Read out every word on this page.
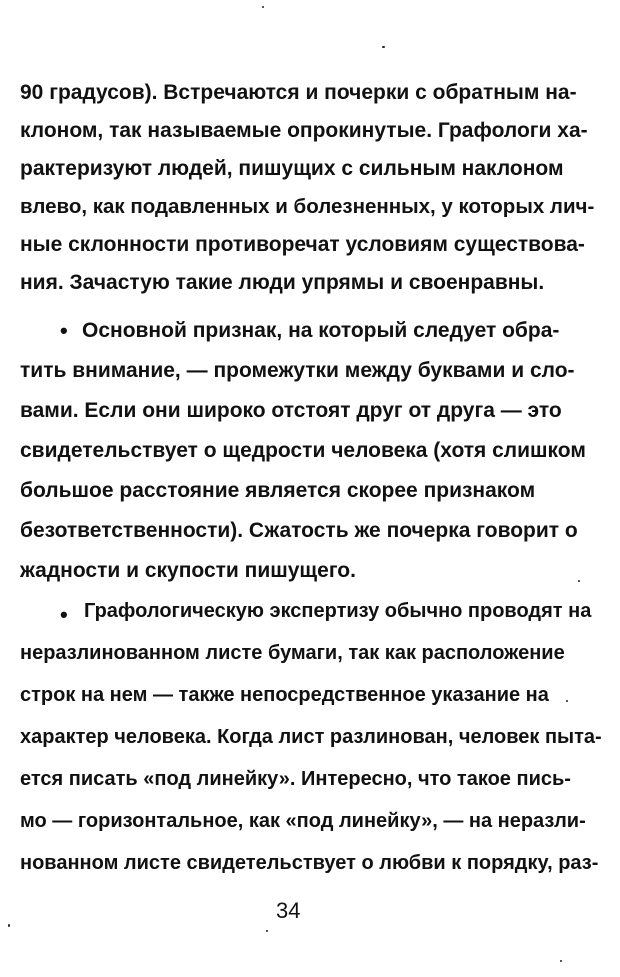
90 градусов). Встречаются и почерки с обратным на-

клоном, так называемые опрокинутые. Графологи ха-

рактеризуют людей, пишущих с сильным наклоном

влево, как подавленных и болезненных, у которых лич-

ные склонности противоречат условиям существова-

ния. Зачастую такие люди упрямы и своенравны.

• Основной признак, на который следует обра-

тить внимание, — промежутки между буквами и сло-

вами. Если они широко отстоят друг от друга — это

свидетельствует о щедрости человека (хотя слишком

большое расстояние является скорее признаком

безответственности). Сжатость же почерка говорит о

жадности и скупости пишущего.

• Графологическую экспертизу обычно проводят на

неразлинованном листе бумаги, так как расположение

строк на нем — также непосредственное указание на

характер человека. Когда лист разлинован, человек пыта-

ется писать «под линейку». Интересно, что такое пись-

мо — горизонтальное, как «под линейку», — на неразли-

нованном листе свидетельствует о любви к порядку, раз-

34
